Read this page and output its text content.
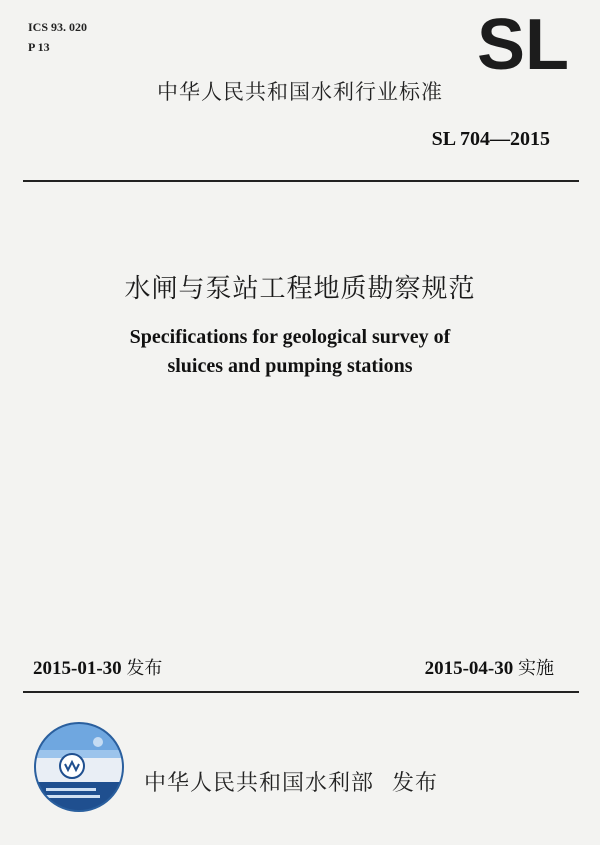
ICS 93. 020
P 13	SL
中华人民共和国水利行业标准
SL 704—2015
水闸与泵站工程地质勘察规范
Specifications for geological survey of
sluices and pumping stations
2015-01-30 发布	2015-04-30 实施
中华人民共和国水利部 发布
